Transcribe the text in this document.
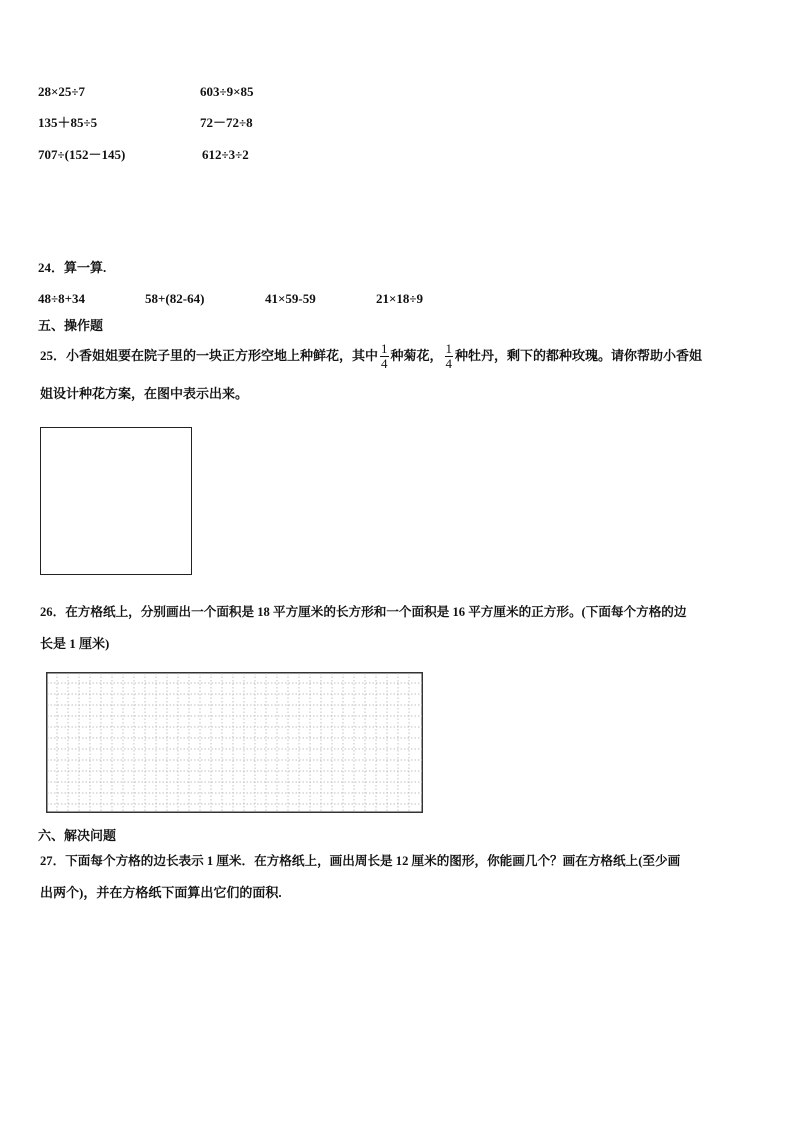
28×25÷7	603÷9×85
135＋85÷5	72－72÷8
707÷(152－145)	612÷3÷2
24．算一算.
48÷8+34	58+(82-64)	41×59-59	21×18÷9
五、操作题
25．小香姐姐要在院子里的一块正方形空地上种鲜花，其中 $\frac{1}{4}$ 种菊花， $\frac{1}{4}$ 种牡丹，剩下的都种玫瑰。请你帮助小香姐
姐设计种花方案，在图中表示出来。
26．在方格纸上，分别画出一个面积是 18 平方厘米的长方形和一个面积是 16 平方厘米的正方形。(下面每个方格的边
长是 1 厘米)
六、解决问题
27．下面每个方格的边长表示 1 厘米．在方格纸上，画出周长是 12 厘米的图形，你能画几个？画在方格纸上(至少画
出两个)，并在方格纸下面算出它们的面积.
